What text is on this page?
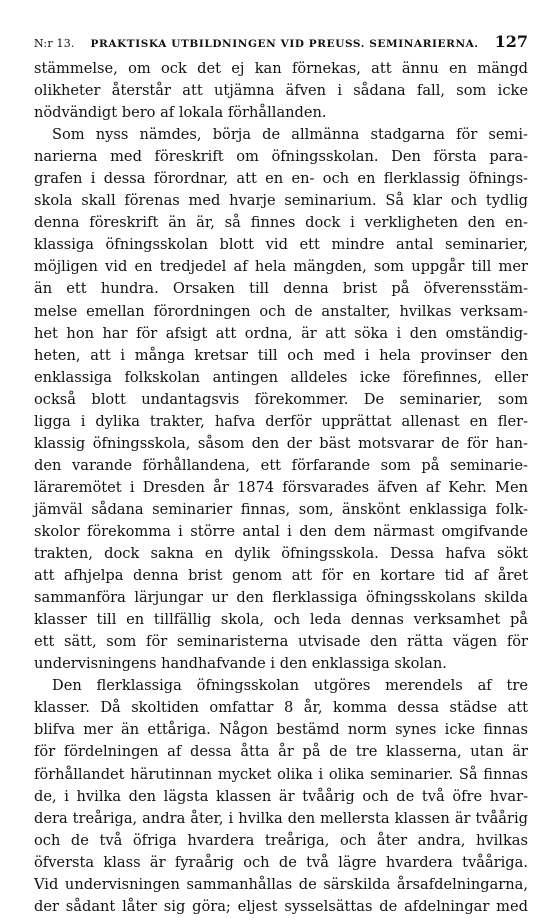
N:r 13.	PRAKTISKA UTBILDNINGEN VID PREUSS. SEMINARIERNA. 127
stämmelse, om ock det ej kan förnekas, att ännu en mängd
olikheter återstår att utjämna äfven i sådana fall, som icke
nödvändigt bero af lokala förhållanden.
Som nyss nämdes, börja de allmänna stadgarna för semi-
narierna med föreskrift om öfningsskolan. Den första para-
grafen i dessa förordnar, att en en- och en flerklassig öfnings-
skola skall förenas med hvarje seminarium. Så klar och tydlig
denna föreskrift än är, så finnes dock i verkligheten den en-
klassiga öfningsskolan blott vid ett mindre antal seminarier,
möjligen vid en tredjedel af hela mängden, som uppgår till mer
än ett hundra. Orsaken till denna brist på öfverensstäm-
melse emellan förordningen och de anstalter, hvilkas verksam-
het hon har för afsigt att ordna, är att söka i den omständig-
heten, att i många kretsar till och med i hela provinser den
enklassiga folkskolan antingen alldeles icke förefinnes, eller
också blott undantagsvis förekommer. De seminarier, som
ligga i dylika trakter, hafva derför upprättat allenast en fler-
klassig öfningsskola, såsom den der bäst motsvarar de för han-
den varande förhållandena, ett förfarande som på seminarie-
läraremötet i Dresden år 1874 försvarades äfven af Kehr. Men
jämväl sådana seminarier finnas, som, änskönt enklassiga folk-
skolor förekomma i större antal i den dem närmast omgifvande
trakten, dock sakna en dylik öfningsskola. Dessa hafva sökt
att afhjelpa denna brist genom att för en kortare tid af året
sammanföra lärjungar ur den flerklassiga öfningsskolans skilda
klasser till en tillfällig skola, och leda dennas verksamhet på
ett sätt, som för seminaristerna utvisade den rätta vägen för
undervisningens handhafvande i den enklassiga skolan.
Den flerklassiga öfningsskolan utgöres merendels af tre
klasser. Då skoltiden omfattar 8 år, komma dessa städse att
blifva mer än ettåriga. Någon bestämd norm synes icke finnas
för fördelningen af dessa åtta år på de tre klasserna, utan är
förhållandet härutinnan mycket olika i olika seminarier. Så finnas
de, i hvilka den lägsta klassen är tvåårig och de två öfre hvar-
dera treåriga, andra åter, i hvilka den mellersta klassen är tvåårig
och de två öfriga hvardera treåriga, och åter andra, hvilkas
öfversta klass är fyraårig och de två lägre hvardera tvååriga.
Vid undervisningen sammanhållas de särskilda årsafdelningarna,
der sådant låter sig göra; eljest sysselsättas de afdelningar med
